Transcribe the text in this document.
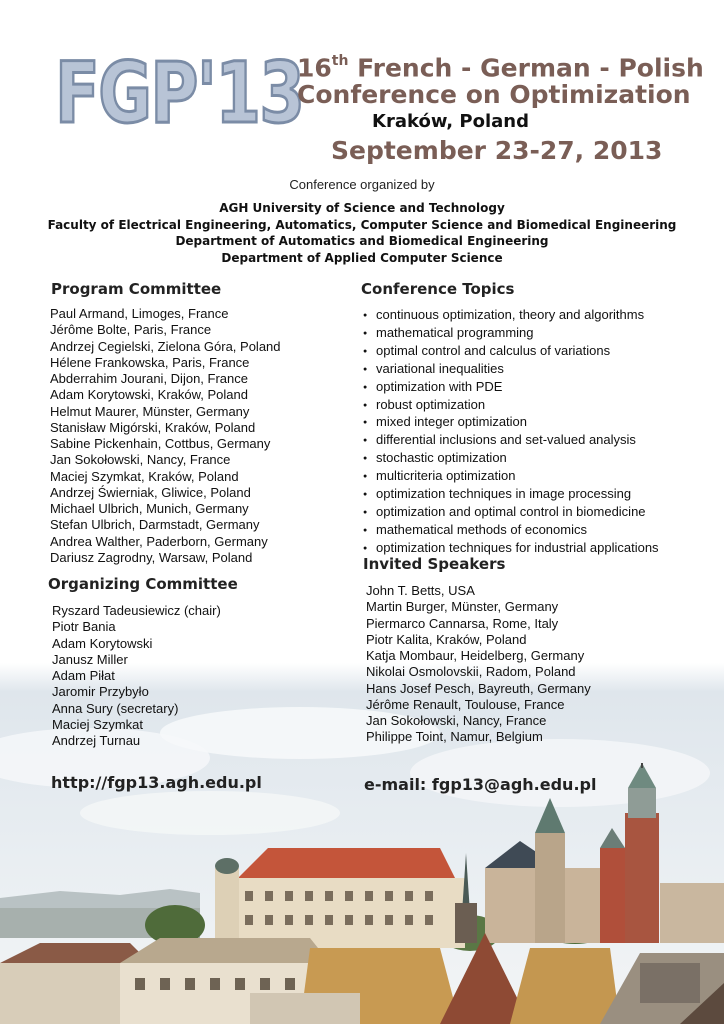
FGP'13
16th French - German - Polish
Conference on Optimization
Kraków, Poland
September 23-27, 2013
Conference organized by
AGH University of Science and Technology
Faculty of Electrical Engineering, Automatics, Computer Science and Biomedical Engineering
Department of Automatics and Biomedical Engineering
Department of Applied Computer Science
Program Committee
Paul Armand, Limoges, France
Jérôme Bolte, Paris, France
Andrzej Cegielski, Zielona Góra, Poland
Hélene Frankowska, Paris, France
Abderrahim Jourani, Dijon, France
Adam Korytowski, Kraków, Poland
Helmut Maurer, Münster, Germany
Stanisław Migórski, Kraków, Poland
Sabine Pickenhain, Cottbus, Germany
Jan Sokołowski, Nancy, France
Maciej Szymkat, Kraków, Poland
Andrzej Świerniak, Gliwice, Poland
Michael Ulbrich, Munich, Germany
Stefan Ulbrich, Darmstadt, Germany
Andrea Walther, Paderborn, Germany
Dariusz Zagrodny, Warsaw, Poland
Organizing Committee
Ryszard Tadeusiewicz (chair)
Piotr Bania
Adam Korytowski
Janusz Miller
Adam Piłat
Jaromir Przybyło
Anna Sury (secretary)
Maciej Szymkat
Andrzej Turnau
Conference Topics
● continuous optimization, theory and algorithms
● mathematical programming
● optimal control and calculus of variations
● variational inequalities
● optimization with PDE
● robust optimization
● mixed integer optimization
● differential inclusions and set-valued analysis
● stochastic optimization
● multicriteria optimization
● optimization techniques in image processing
● optimization and optimal control in biomedicine
● mathematical methods of economics
● optimization techniques for industrial applications
Invited Speakers
John T. Betts, USA
Martin Burger, Münster, Germany
Piermarco Cannarsa, Rome, Italy
Piotr Kalita, Kraków, Poland
Katja Mombaur, Heidelberg, Germany
Nikolai Osmolovskii, Radom, Poland
Hans Josef Pesch, Bayreuth, Germany
Jérôme Renault, Toulouse, France
Jan Sokołowski, Nancy, France
Philippe Toint, Namur, Belgium
http://fgp13.agh.edu.pl	e-mail: fgp13@agh.edu.pl
